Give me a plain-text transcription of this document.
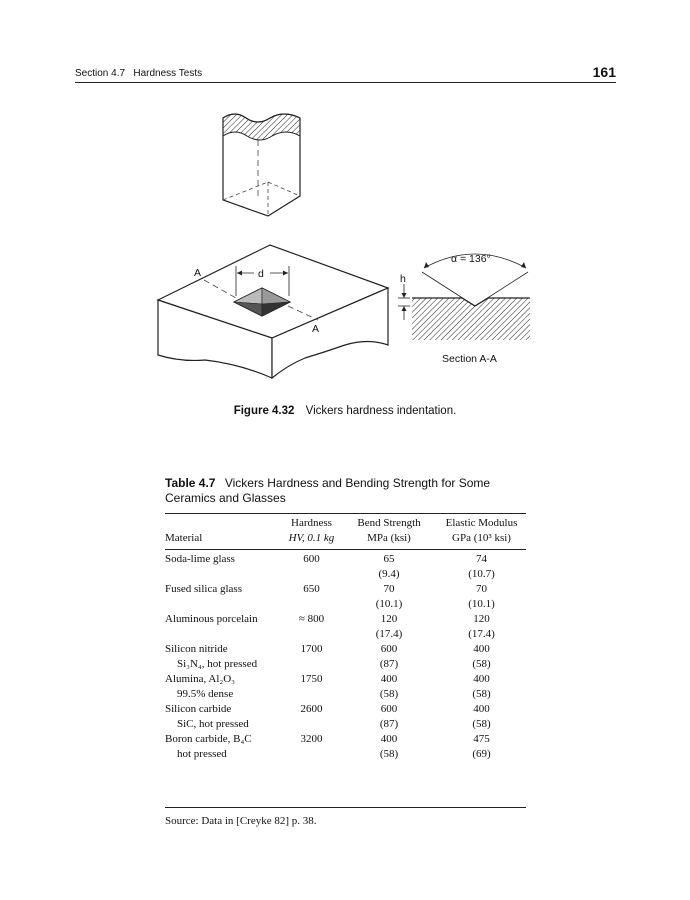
Section 4.7   Hardness Tests	161
A	d
A
α = 136°
h
Section A-A
Figure 4.32 Vickers hardness indentation.
Table 4.7 Vickers Hardness and Bending Strength for Some Ceramics and Glasses
	Hardness	Bend Strength	Elastic Modulus
Material	HV, 0.1 kg	MPa (ksi)	GPa (10³ ksi)

Soda-lime glass	600	65	74
		(9.4)	(10.7)
Fused silica glass	650	70	70
		(10.1)	(10.1)
Aluminous porcelain	≈ 800	120	120
		(17.4)	(17.4)
Silicon nitride	1700	600	400
Si₃N₄, hot pressed		(87)	(58)
Alumina, Al₂O₃	1750	400	400
99.5% dense		(58)	(58)
Silicon carbide	2600	600	400
SiC, hot pressed		(87)	(58)
Boron carbide, B₄C	3200	400	475
hot pressed		(58)	(69)
Source: Data in [Creyke 82] p. 38.
